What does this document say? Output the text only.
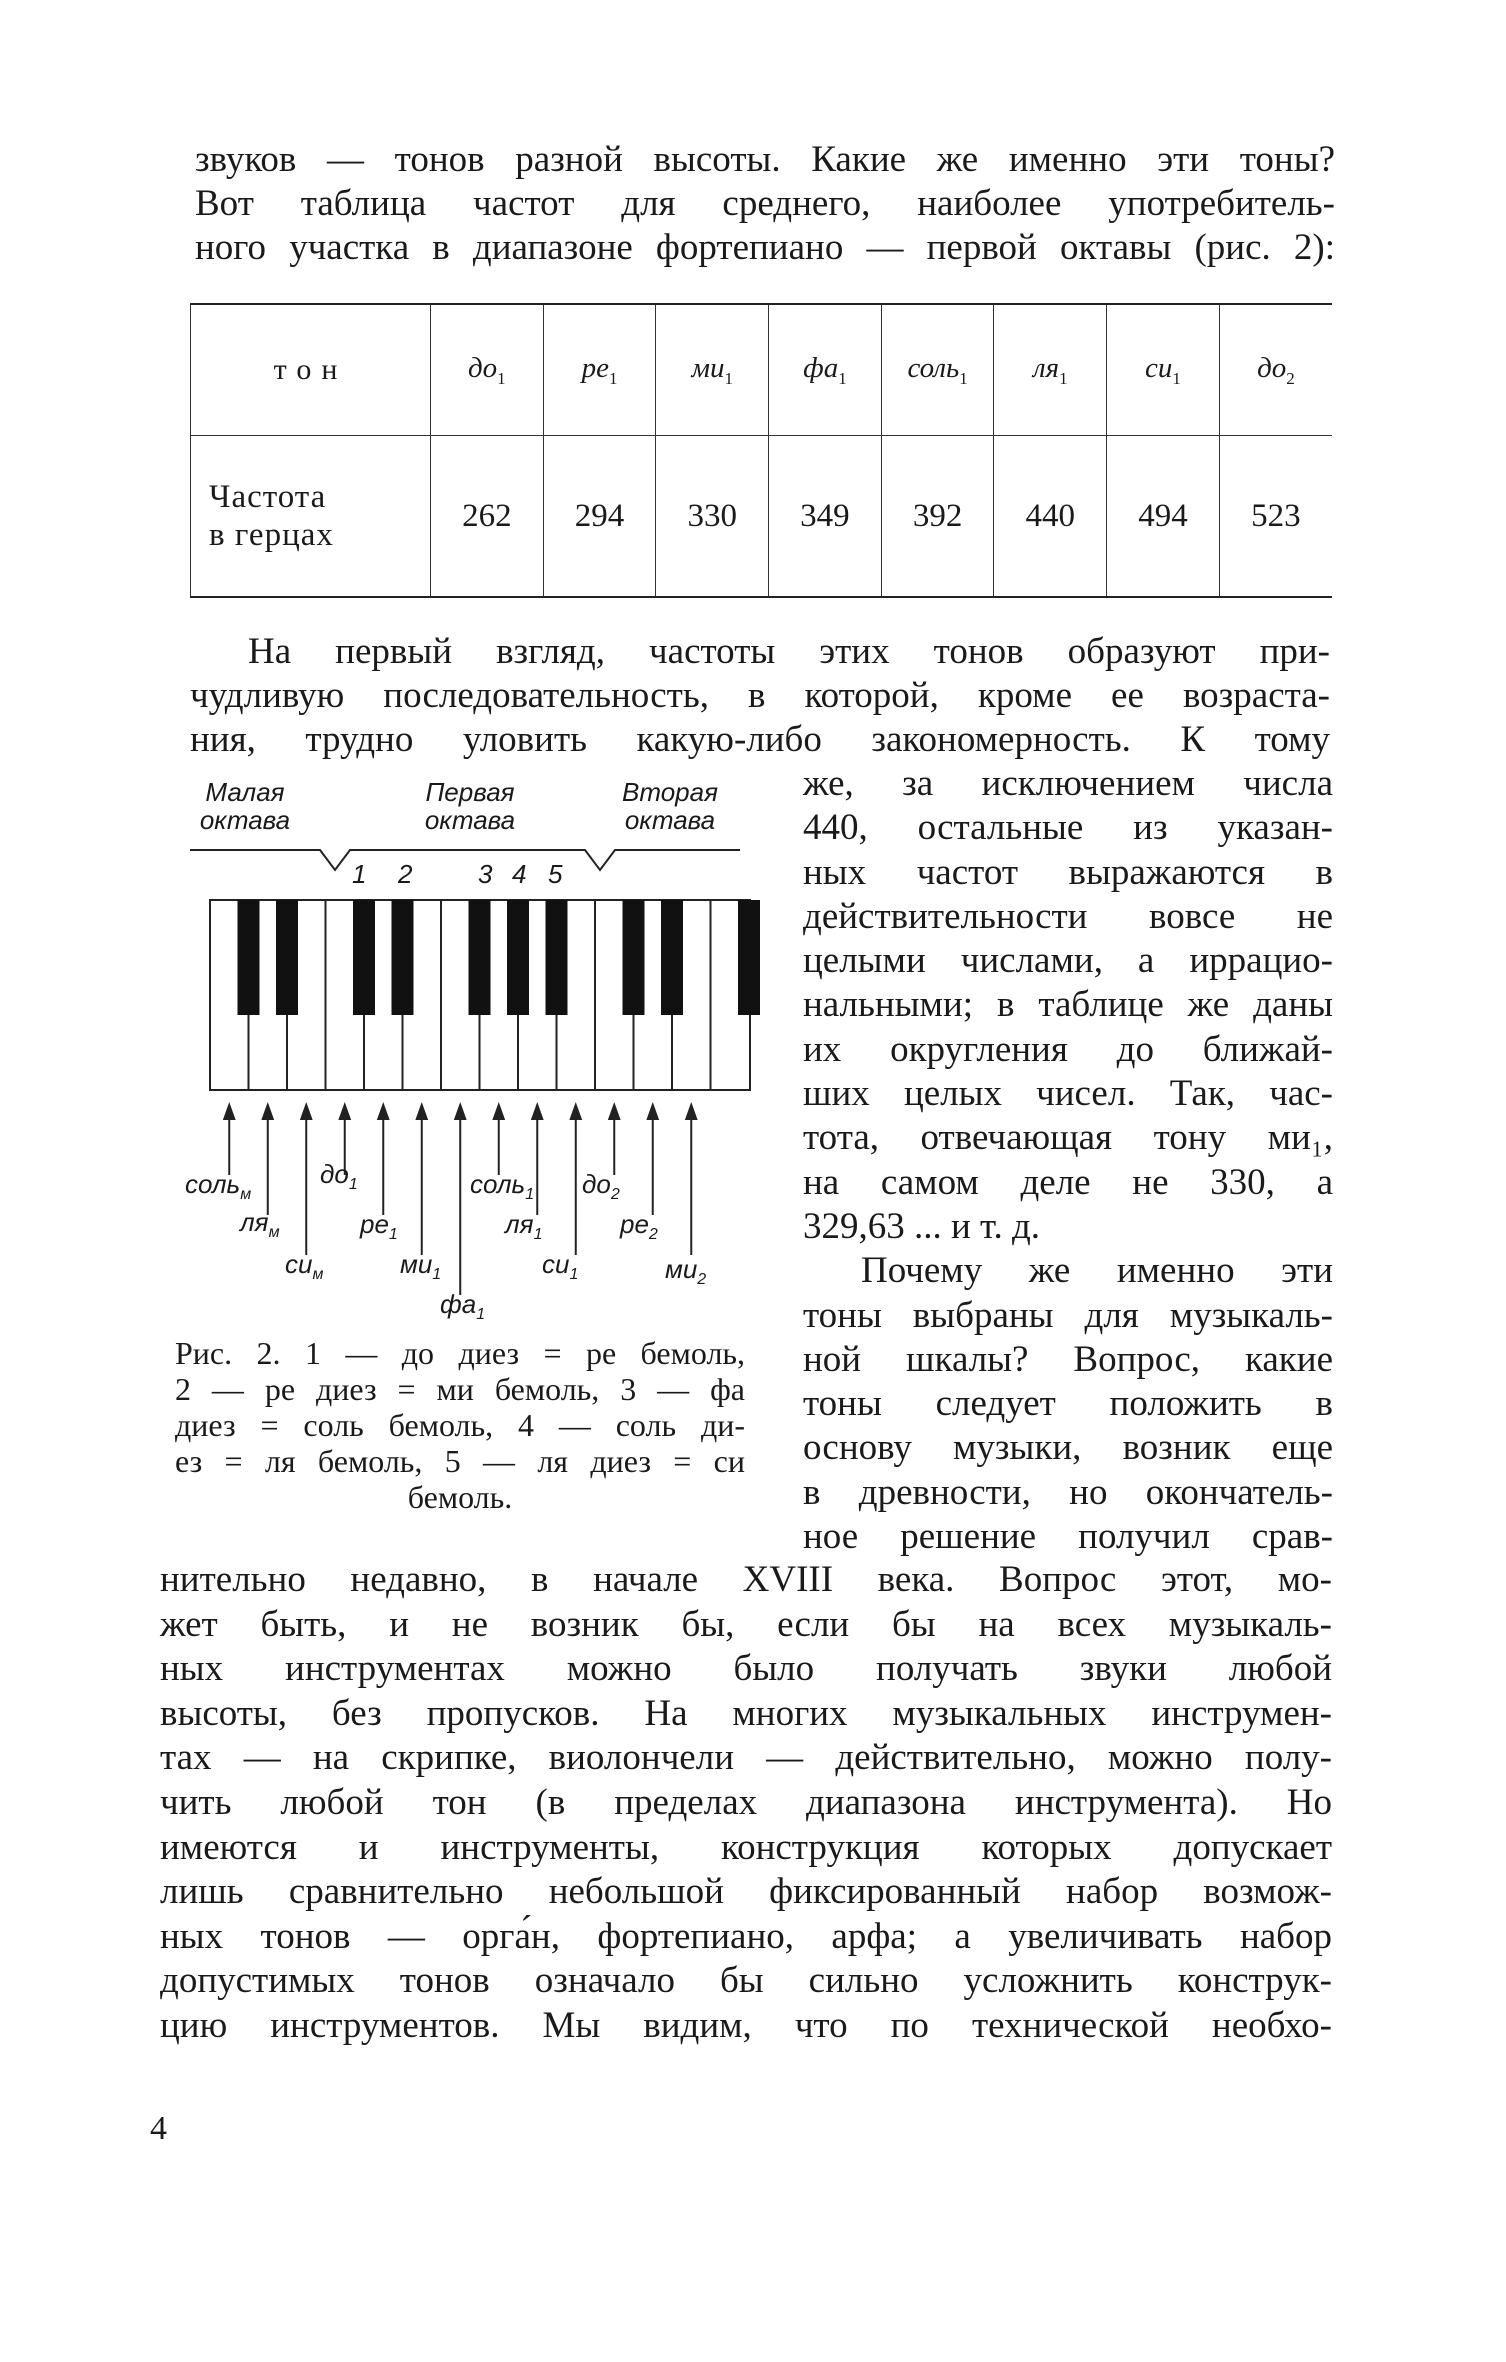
звуков — тонов разной высоты. Какие же именно эти тоны?
Вот таблица частот для среднего, наиболее употребитель-
ного участка в диапазоне фортепиано — первой октавы (рис. 2):

тон	$до_1$	$ре_1$	$ми_1$	$фа_1$	соль$_1$	$ля_1$	$си_1$	$до_2$
Частота
в герцах	262	294	330	349	392	440	494	523

На первый взгляд, частоты этих тонов образуют при-
чудливую последовательность, в которой, кроме ее возраста-
ния, трудно уловить какую-либо закономерность. К тому

же, за исключением числа
440, остальные из указан-
ных частот выражаются в
действительности вовсе не
целыми числами, а иррацио-
нальными; в таблице же даны
их округления до ближай-
ших целых чисел. Так, час-
тота, отвечающая тону ми₁,
на самом деле не 330, а
329,63 ... и т. д.
Почему же именно эти
тоны выбраны для музыкаль-
ной шкалы? Вопрос, какие
тоны следует положить в
основу музыки, возник еще
в древности, но окончатель-
ное решение получил срав-

Малая
октава
Первая
октава
Вторая
октава
1 2	3 4 5
соль$_м$
$ля_м$
$си_м$
$до_1$
$ре_1$
$ми_1$
$фа_1$
соль$_1$
$ля_1$
$си_1$
$до_2$
$ре_2$
$ми_2$

Рис. 2. 1 — до диез = ре бемоль,
2 — ре диез = ми бемоль, 3 — фа
диез = соль бемоль, 4 — соль ди-
ез = ля бемоль, 5 — ля диез = си
бемоль.

нительно недавно, в начале XVIII века. Вопрос этот, мо-
жет быть, и не возник бы, если бы на всех музыкаль-
ных инструментах можно было получать звуки любой
высоты, без пропусков. На многих музыкальных инструмен-
тах — на скрипке, виолончели — действительно, можно полу-
чить любой тон (в пределах диапазона инструмента). Но
имеются и инструменты, конструкция которых допускает
лишь сравнительно небольшой фиксированный набор возмож-
ных тонов — орга́н, фортепиано, арфа; а увеличивать набор
допустимых тонов означало бы сильно усложнить конструк-
цию инструментов. Мы видим, что по технической необхо-

4
